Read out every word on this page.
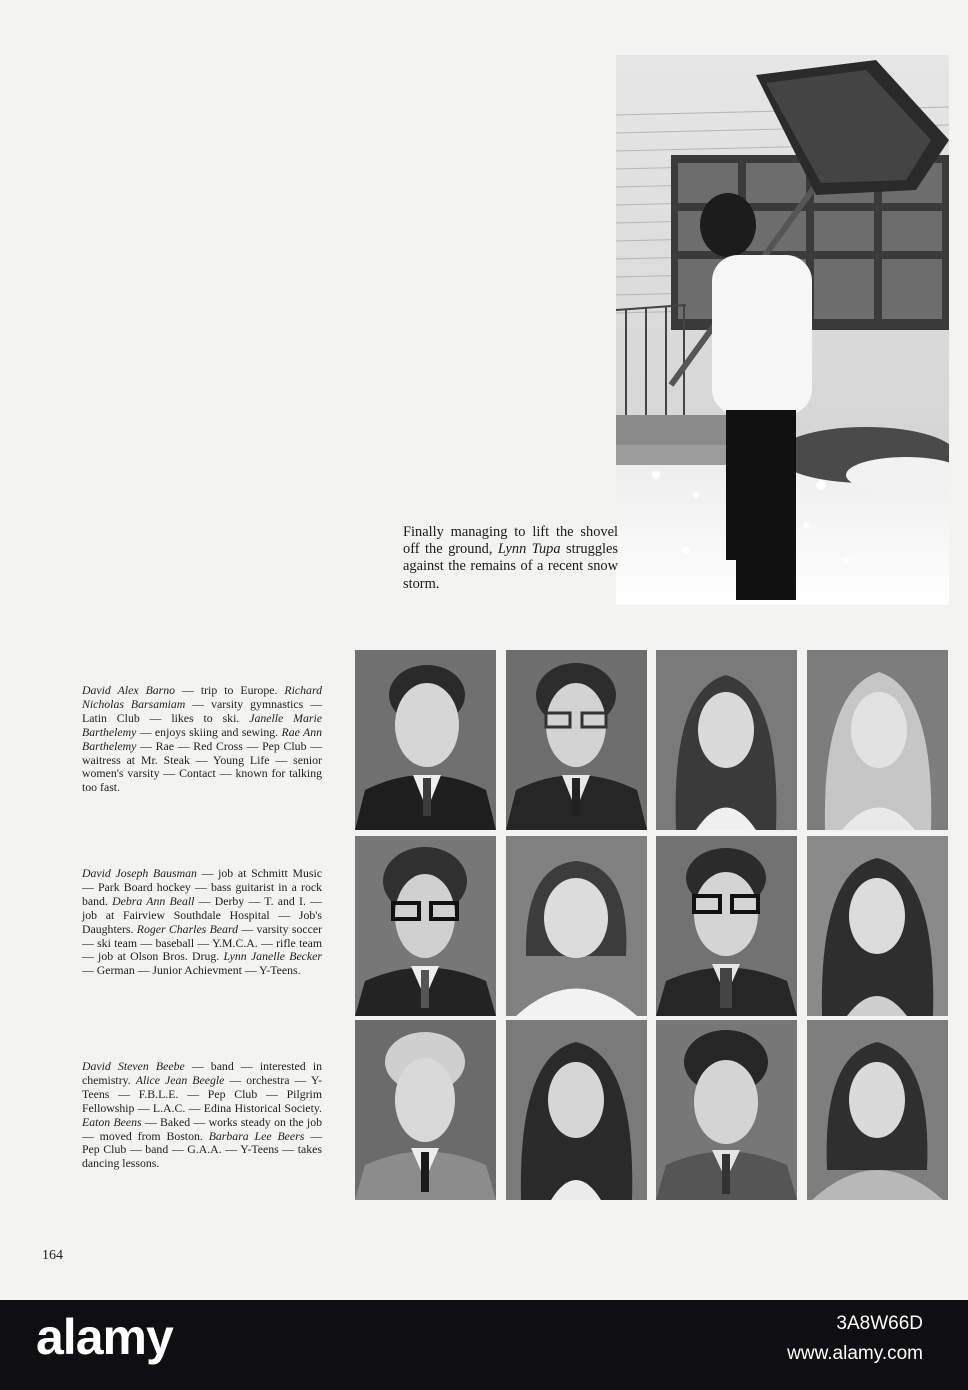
Finally managing to lift the shovel off the ground, Lynn Tupa struggles against the remains of a recent snow storm.
David Alex Barno — trip to Europe. Richard Nicholas Barsamiam — varsity gymnastics — Latin Club — likes to ski. Janelle Marie Barthelemy — enjoys skiing and sewing. Rae Ann Barthelemy — Rae — Red Cross — Pep Club — waitress at Mr. Steak — Young Life — senior women's varsity — Contact — known for talking too fast.
David Joseph Bausman — job at Schmitt Music — Park Board hockey — bass guitarist in a rock band. Debra Ann Beall — Derby — T. and I. — job at Fairview Southdale Hospital — Job's Daughters. Roger Charles Beard — varsity soccer — ski team — baseball — Y.M.C.A. — rifle team — job at Olson Bros. Drug. Lynn Janelle Becker — German — Junior Achievment — Y-Teens.
David Steven Beebe — band — interested in chemistry. Alice Jean Beegle — orchestra — Y-Teens — F.B.L.E. — Pep Club — Pilgrim Fellowship — L.A.C. — Edina Historical Society. Eaton Beens — Baked — works steady on the job — moved from Boston. Barbara Lee Beers — Pep Club — band — G.A.A. — Y-Teens — takes dancing lessons.
164
alamy	3A8W66D
www.alamy.com
